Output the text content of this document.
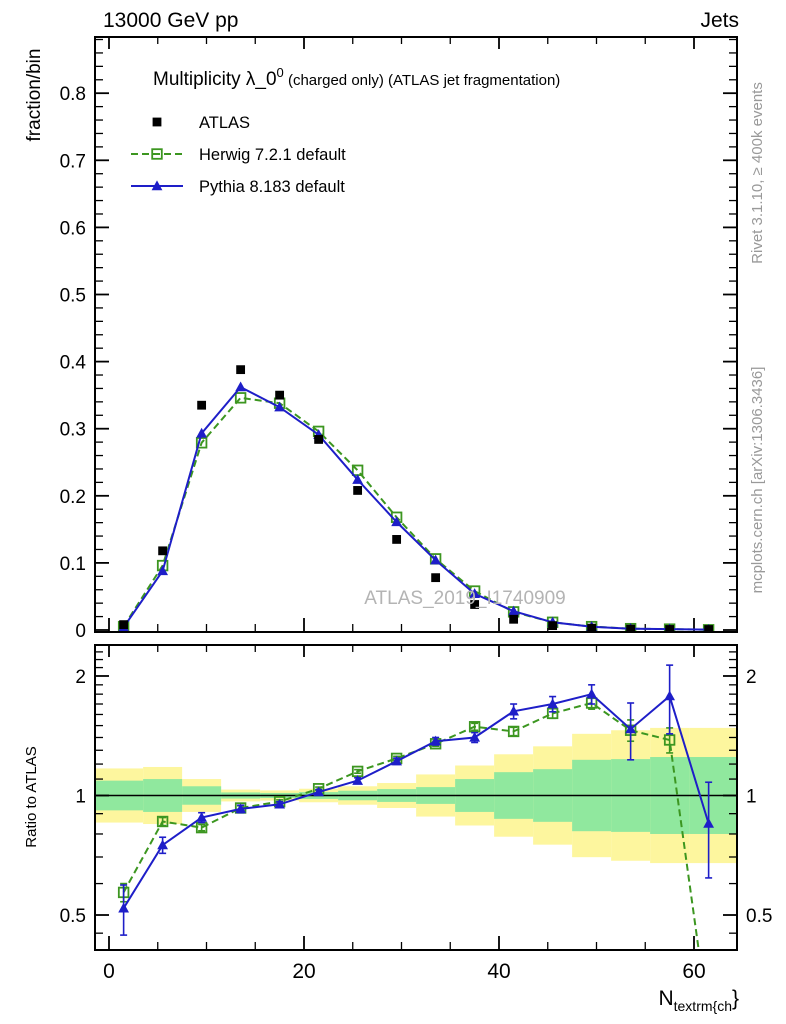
13000 GeV pp	Jets
0
0.1
0.2
0.3
0.4
0.5
0.6
0.7
0.8
0.5	0.5
1	1
2	2
0	20	40	60
Multiplicity $\lambda\_0^0$ (charged only) (ATLAS jet fragmentation)
ATLAS
Herwig 7.2.1 default
Pythia 8.183 default
ATLAS_2019_I1740909
fraction/bin
Ratio to ATLAS
Rivet 3.1.10, ≥ 400k events
mcplots.cern.ch [arXiv:1306.3436]
Ntextrm{ch}
